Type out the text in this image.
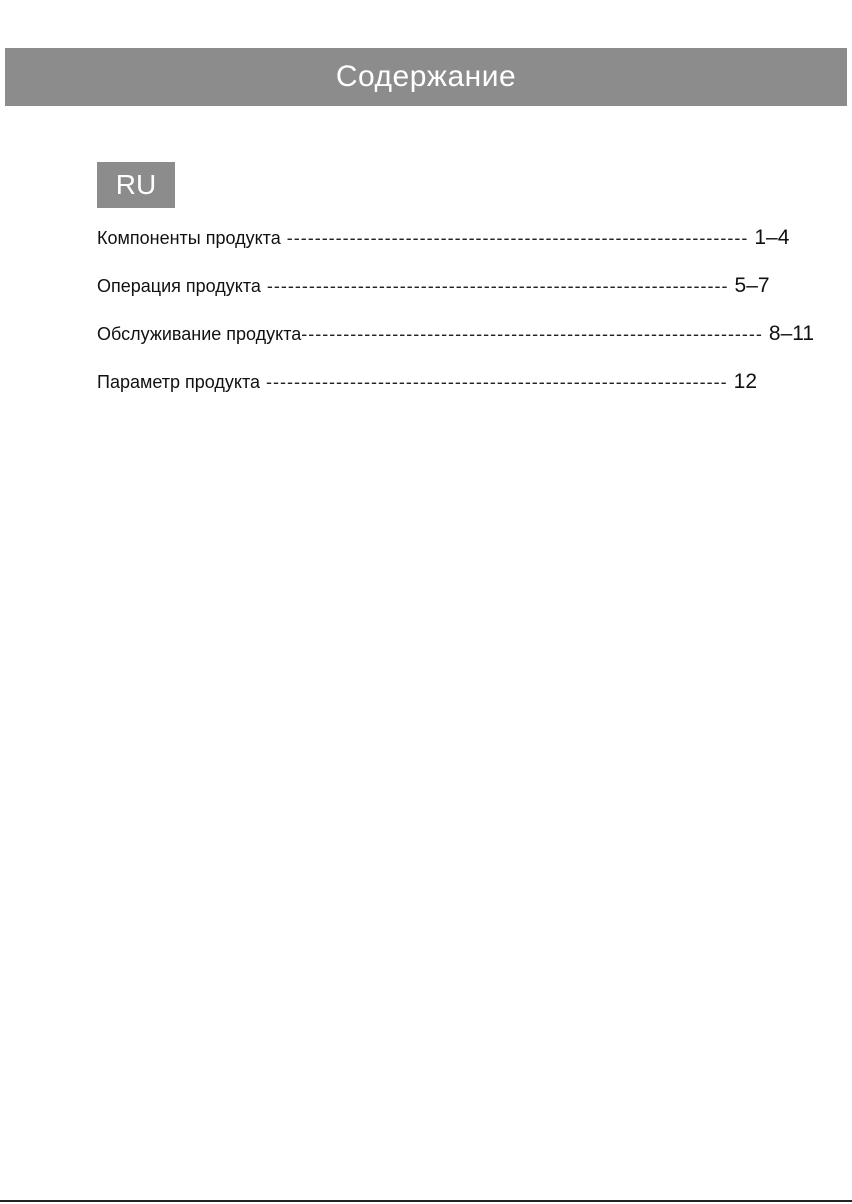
Содержание
RU
Компоненты продукта ------------------------------------------------------------------ 1–4
Операция продукта ------------------------------------------------------------------ 5–7
Обслуживание продукта ------------------------------------------------------------------ 8–11
Параметр продукта ------------------------------------------------------------------ 12
